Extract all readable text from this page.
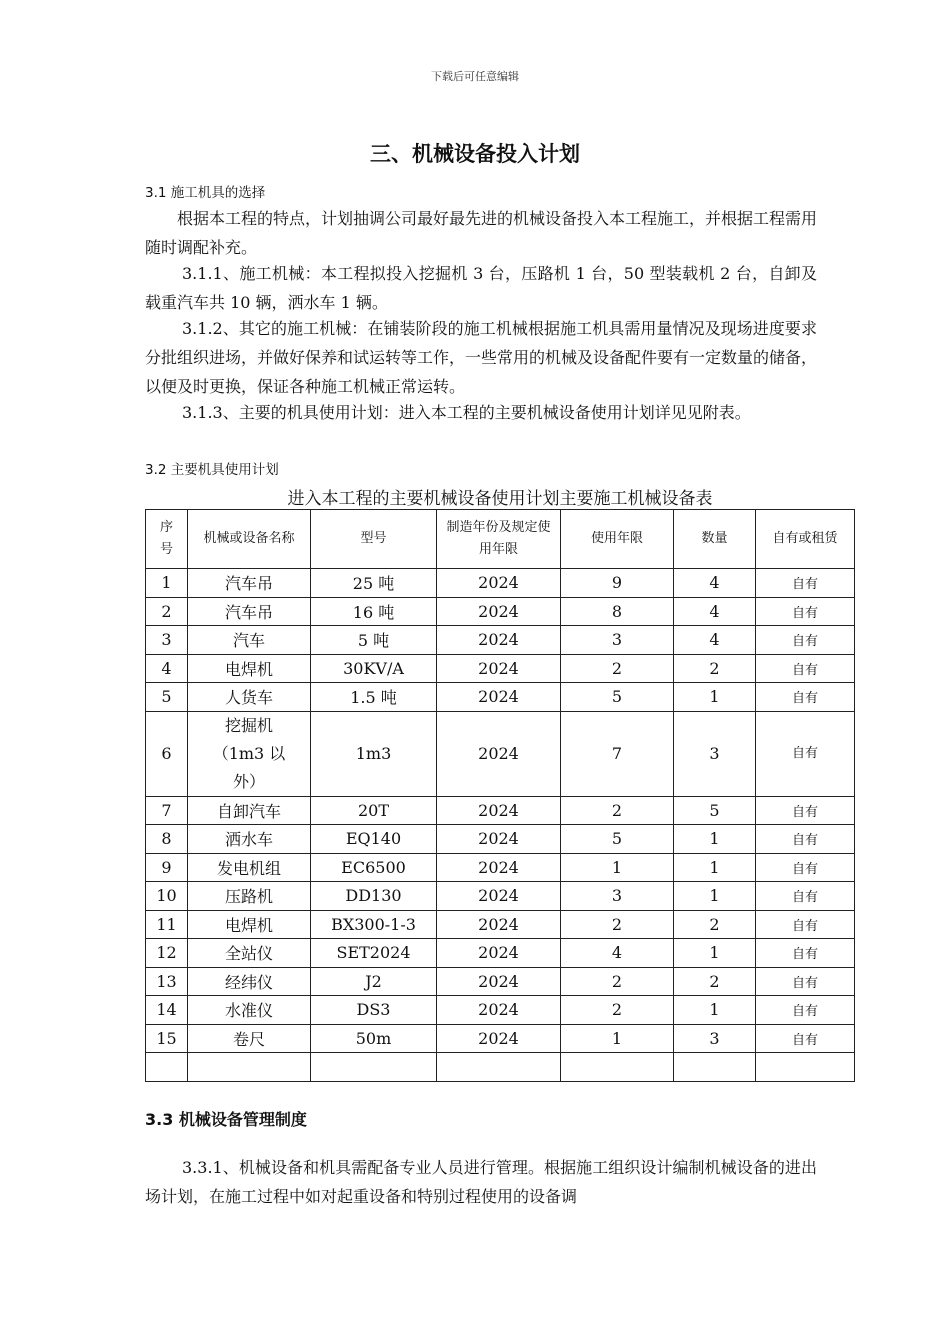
下载后可任意编辑
三、机械设备投入计划
3.1 施工机具的选择
根据本工程的特点，计划抽调公司最好最先进的机械设备投入本工程施工，并根据工程需用随时调配补充。
3.1.1、施工机械：本工程拟投入挖掘机 3 台，压路机 1 台，50 型装载机 2 台，自卸及载重汽车共 10 辆，洒水车 1 辆。
3.1.2、其它的施工机械：在铺装阶段的施工机械根据施工机具需用量情况及现场进度要求分批组织进场，并做好保养和试运转等工作，一些常用的机械及设备配件要有一定数量的储备，以便及时更换，保证各种施工机械正常运转。
3.1.3、主要的机具使用计划：进入本工程的主要机械设备使用计划详见见附表。
3.2 主要机具使用计划
进入本工程的主要机械设备使用计划主要施工机械设备表
序号	机械或设备名称	型号	制造年份及规定使用年限	使用年限	数量	自有或租赁
1	汽车吊	25 吨	2024	9	4	自有
2	汽车吊	16 吨	2024	8	4	自有
3	汽车	5 吨	2024	3	4	自有
4	电焊机	30KV/A	2024	2	2	自有
5	人货车	1.5 吨	2024	5	1	自有
6	挖掘机（1m3 以外）	1m3	2024	7	3	自有
7	自卸汽车	20T	2024	2	5	自有
8	洒水车	EQ140	2024	5	1	自有
9	发电机组	EC6500	2024	1	1	自有
10	压路机	DD130	2024	3	1	自有
11	电焊机	BX300-1-3	2024	2	2	自有
12	全站仪	SET2024	2024	4	1	自有
13	经纬仪	J2	2024	2	2	自有
14	水准仪	DS3	2024	2	1	自有
15	卷尺	50m	2024	1	3	自有

3.3 机械设备管理制度
3.3.1、机械设备和机具需配备专业人员进行管理。根据施工组织设计编制机械设备的进出场计划，在施工过程中如对起重设备和特别过程使用的设备调
